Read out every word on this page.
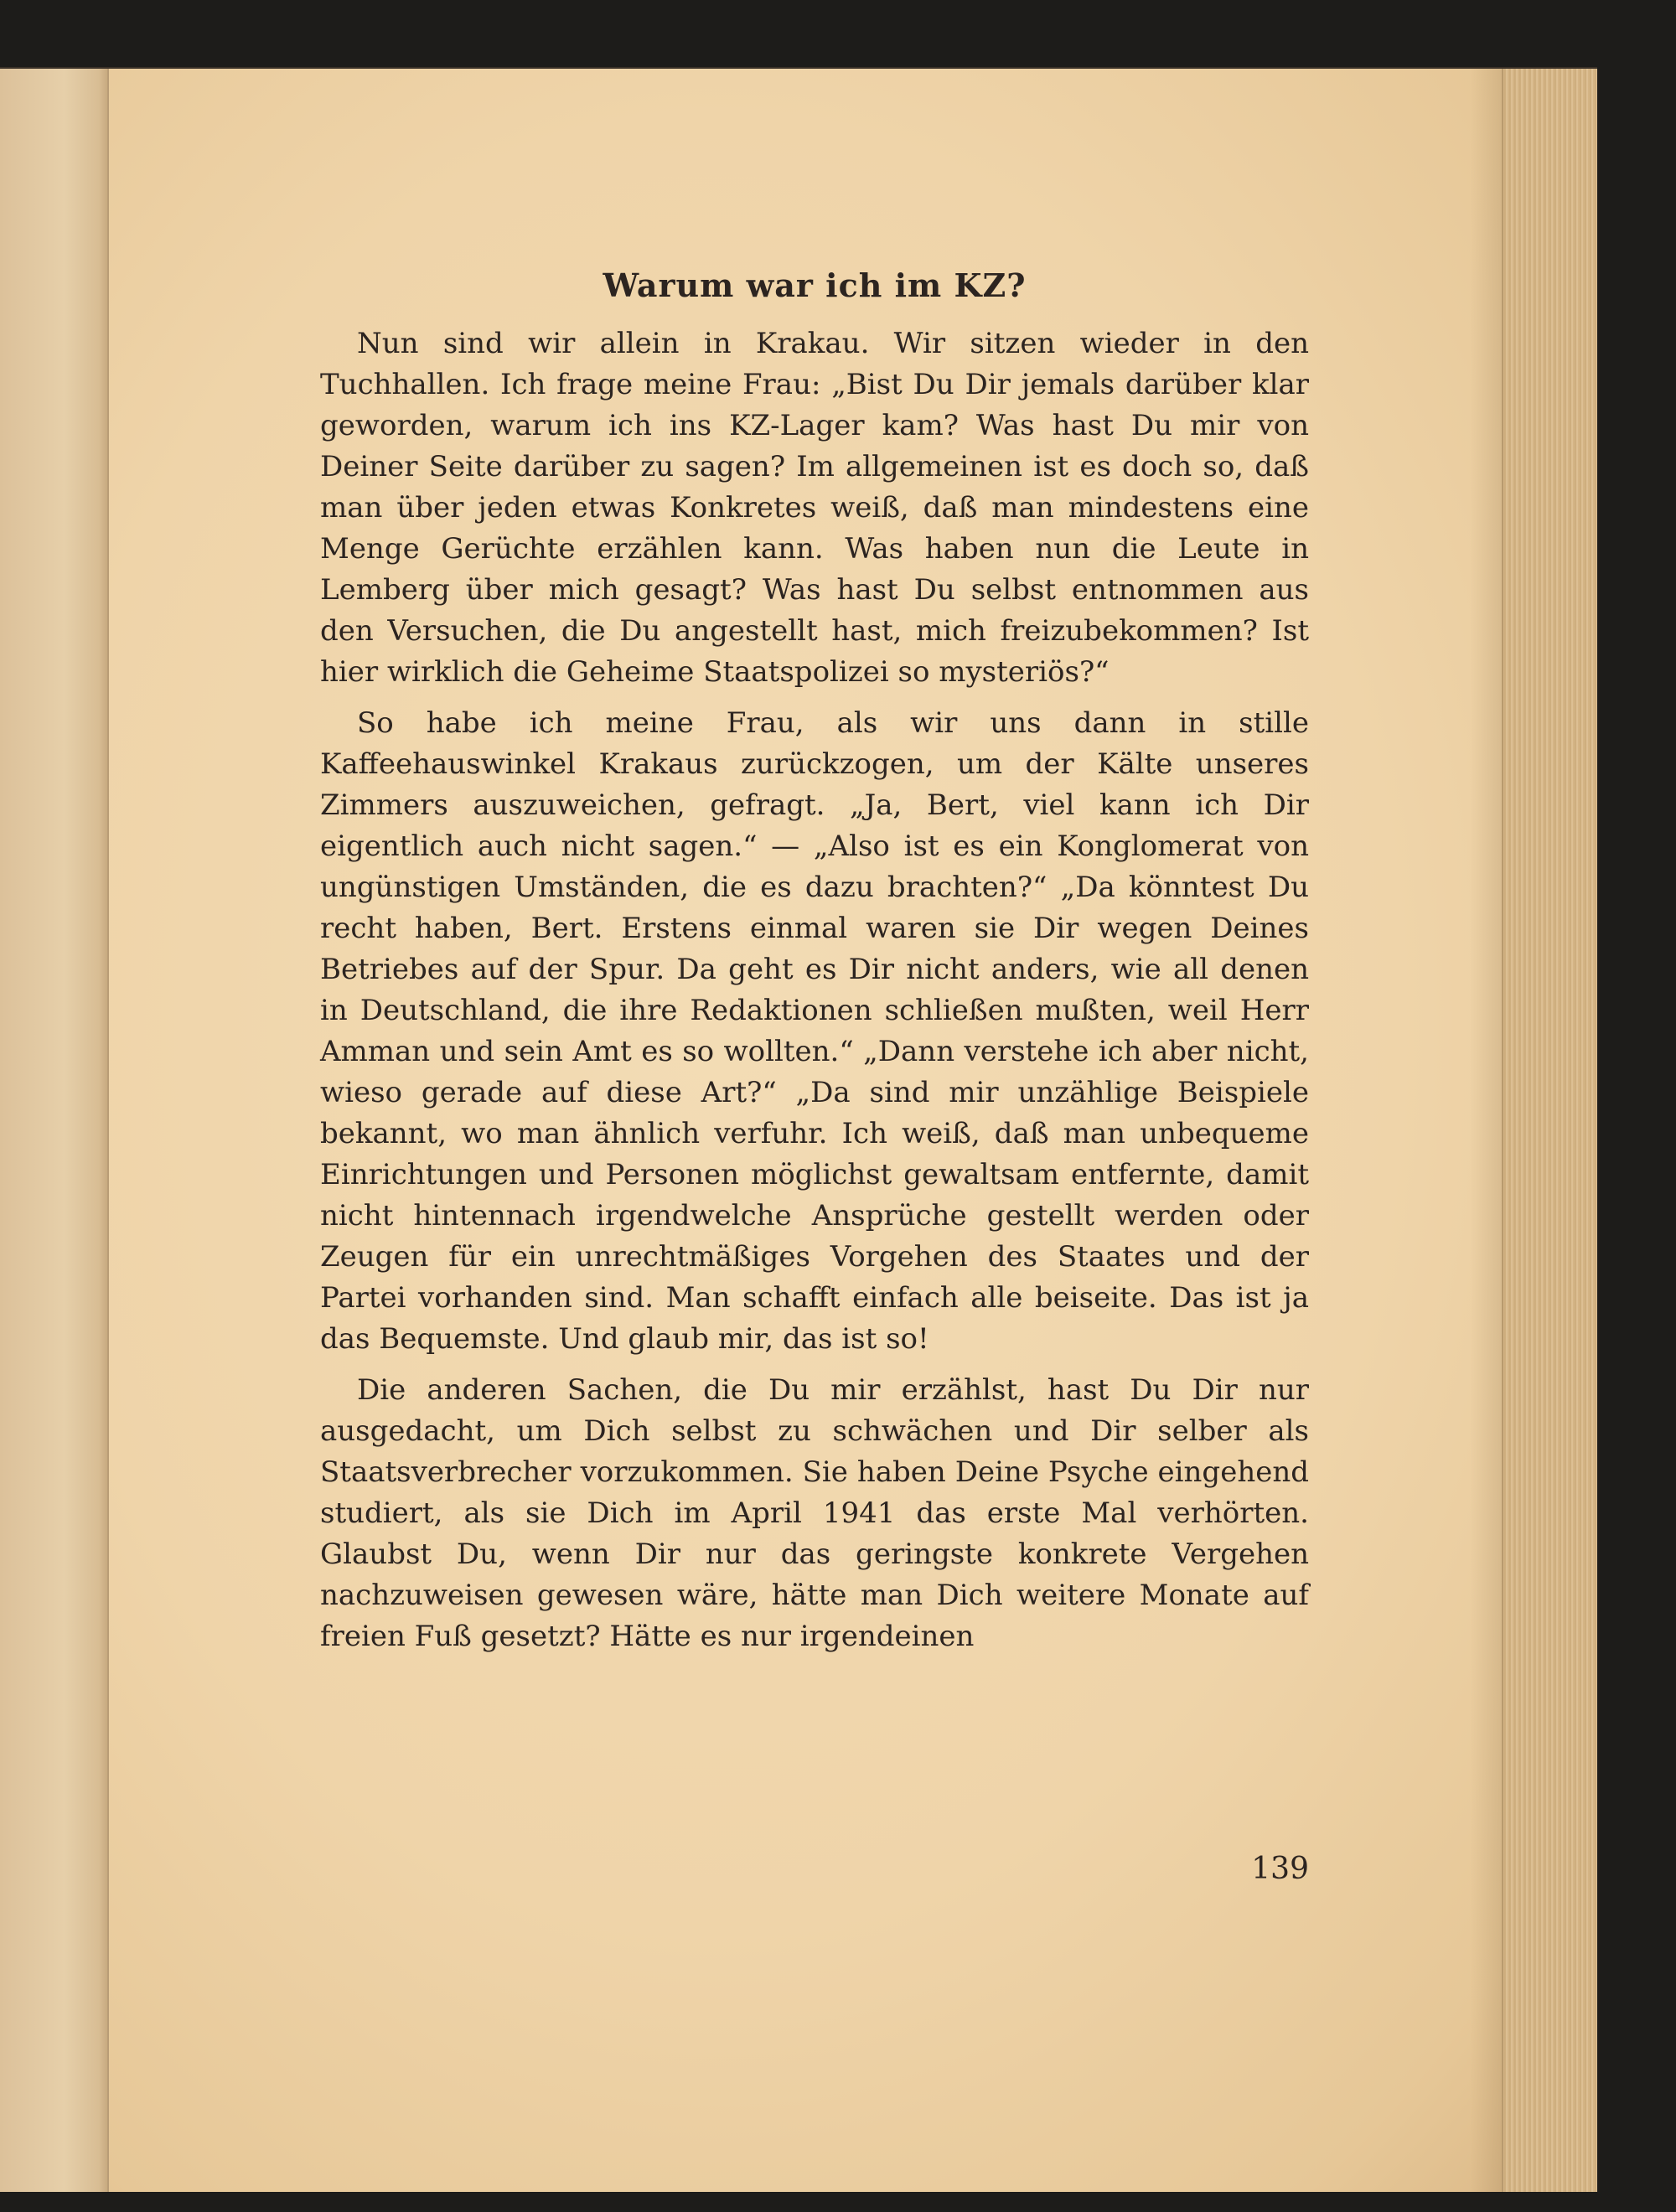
Warum war ich im KZ?

Nun sind wir allein in Krakau. Wir sitzen wieder in den Tuchhallen. Ich frage meine Frau: „Bist Du Dir jemals darüber klar geworden, warum ich ins KZ-Lager kam? Was hast Du mir von Deiner Seite darüber zu sagen? Im allgemeinen ist es doch so, daß man über jeden etwas Konkretes weiß, daß man mindestens eine Menge Gerüchte erzählen kann. Was haben nun die Leute in Lemberg über mich gesagt? Was hast Du selbst entnommen aus den Versuchen, die Du angestellt hast, mich freizubekommen? Ist hier wirklich die Geheime Staatspolizei so mysteriös?“

So habe ich meine Frau, als wir uns dann in stille Kaffeehauswinkel Krakaus zurückzogen, um der Kälte unseres Zimmers auszuweichen, gefragt. „Ja, Bert, viel kann ich Dir eigentlich auch nicht sagen.“ — „Also ist es ein Konglomerat von ungünstigen Umständen, die es dazu brachten?“ „Da könntest Du recht haben, Bert. Erstens einmal waren sie Dir wegen Deines Betriebes auf der Spur. Da geht es Dir nicht anders, wie all denen in Deutschland, die ihre Redaktionen schließen mußten, weil Herr Amman und sein Amt es so wollten.“ „Dann verstehe ich aber nicht, wieso gerade auf diese Art?“ „Da sind mir unzählige Beispiele bekannt, wo man ähnlich verfuhr. Ich weiß, daß man unbequeme Einrichtungen und Personen möglichst gewaltsam entfernte, damit nicht hintennach irgendwelche Ansprüche gestellt werden oder Zeugen für ein unrechtmäßiges Vorgehen des Staates und der Partei vorhanden sind. Man schafft einfach alle beiseite. Das ist ja das Bequemste. Und glaub mir, das ist so!

Die anderen Sachen, die Du mir erzählst, hast Du Dir nur ausgedacht, um Dich selbst zu schwächen und Dir selber als Staatsverbrecher vorzukommen. Sie haben Deine Psyche eingehend studiert, als sie Dich im April 1941 das erste Mal verhörten. Glaubst Du, wenn Dir nur das geringste konkrete Vergehen nachzuweisen gewesen wäre, hätte man Dich weitere Monate auf freien Fuß gesetzt? Hätte es nur irgendeinen

139
